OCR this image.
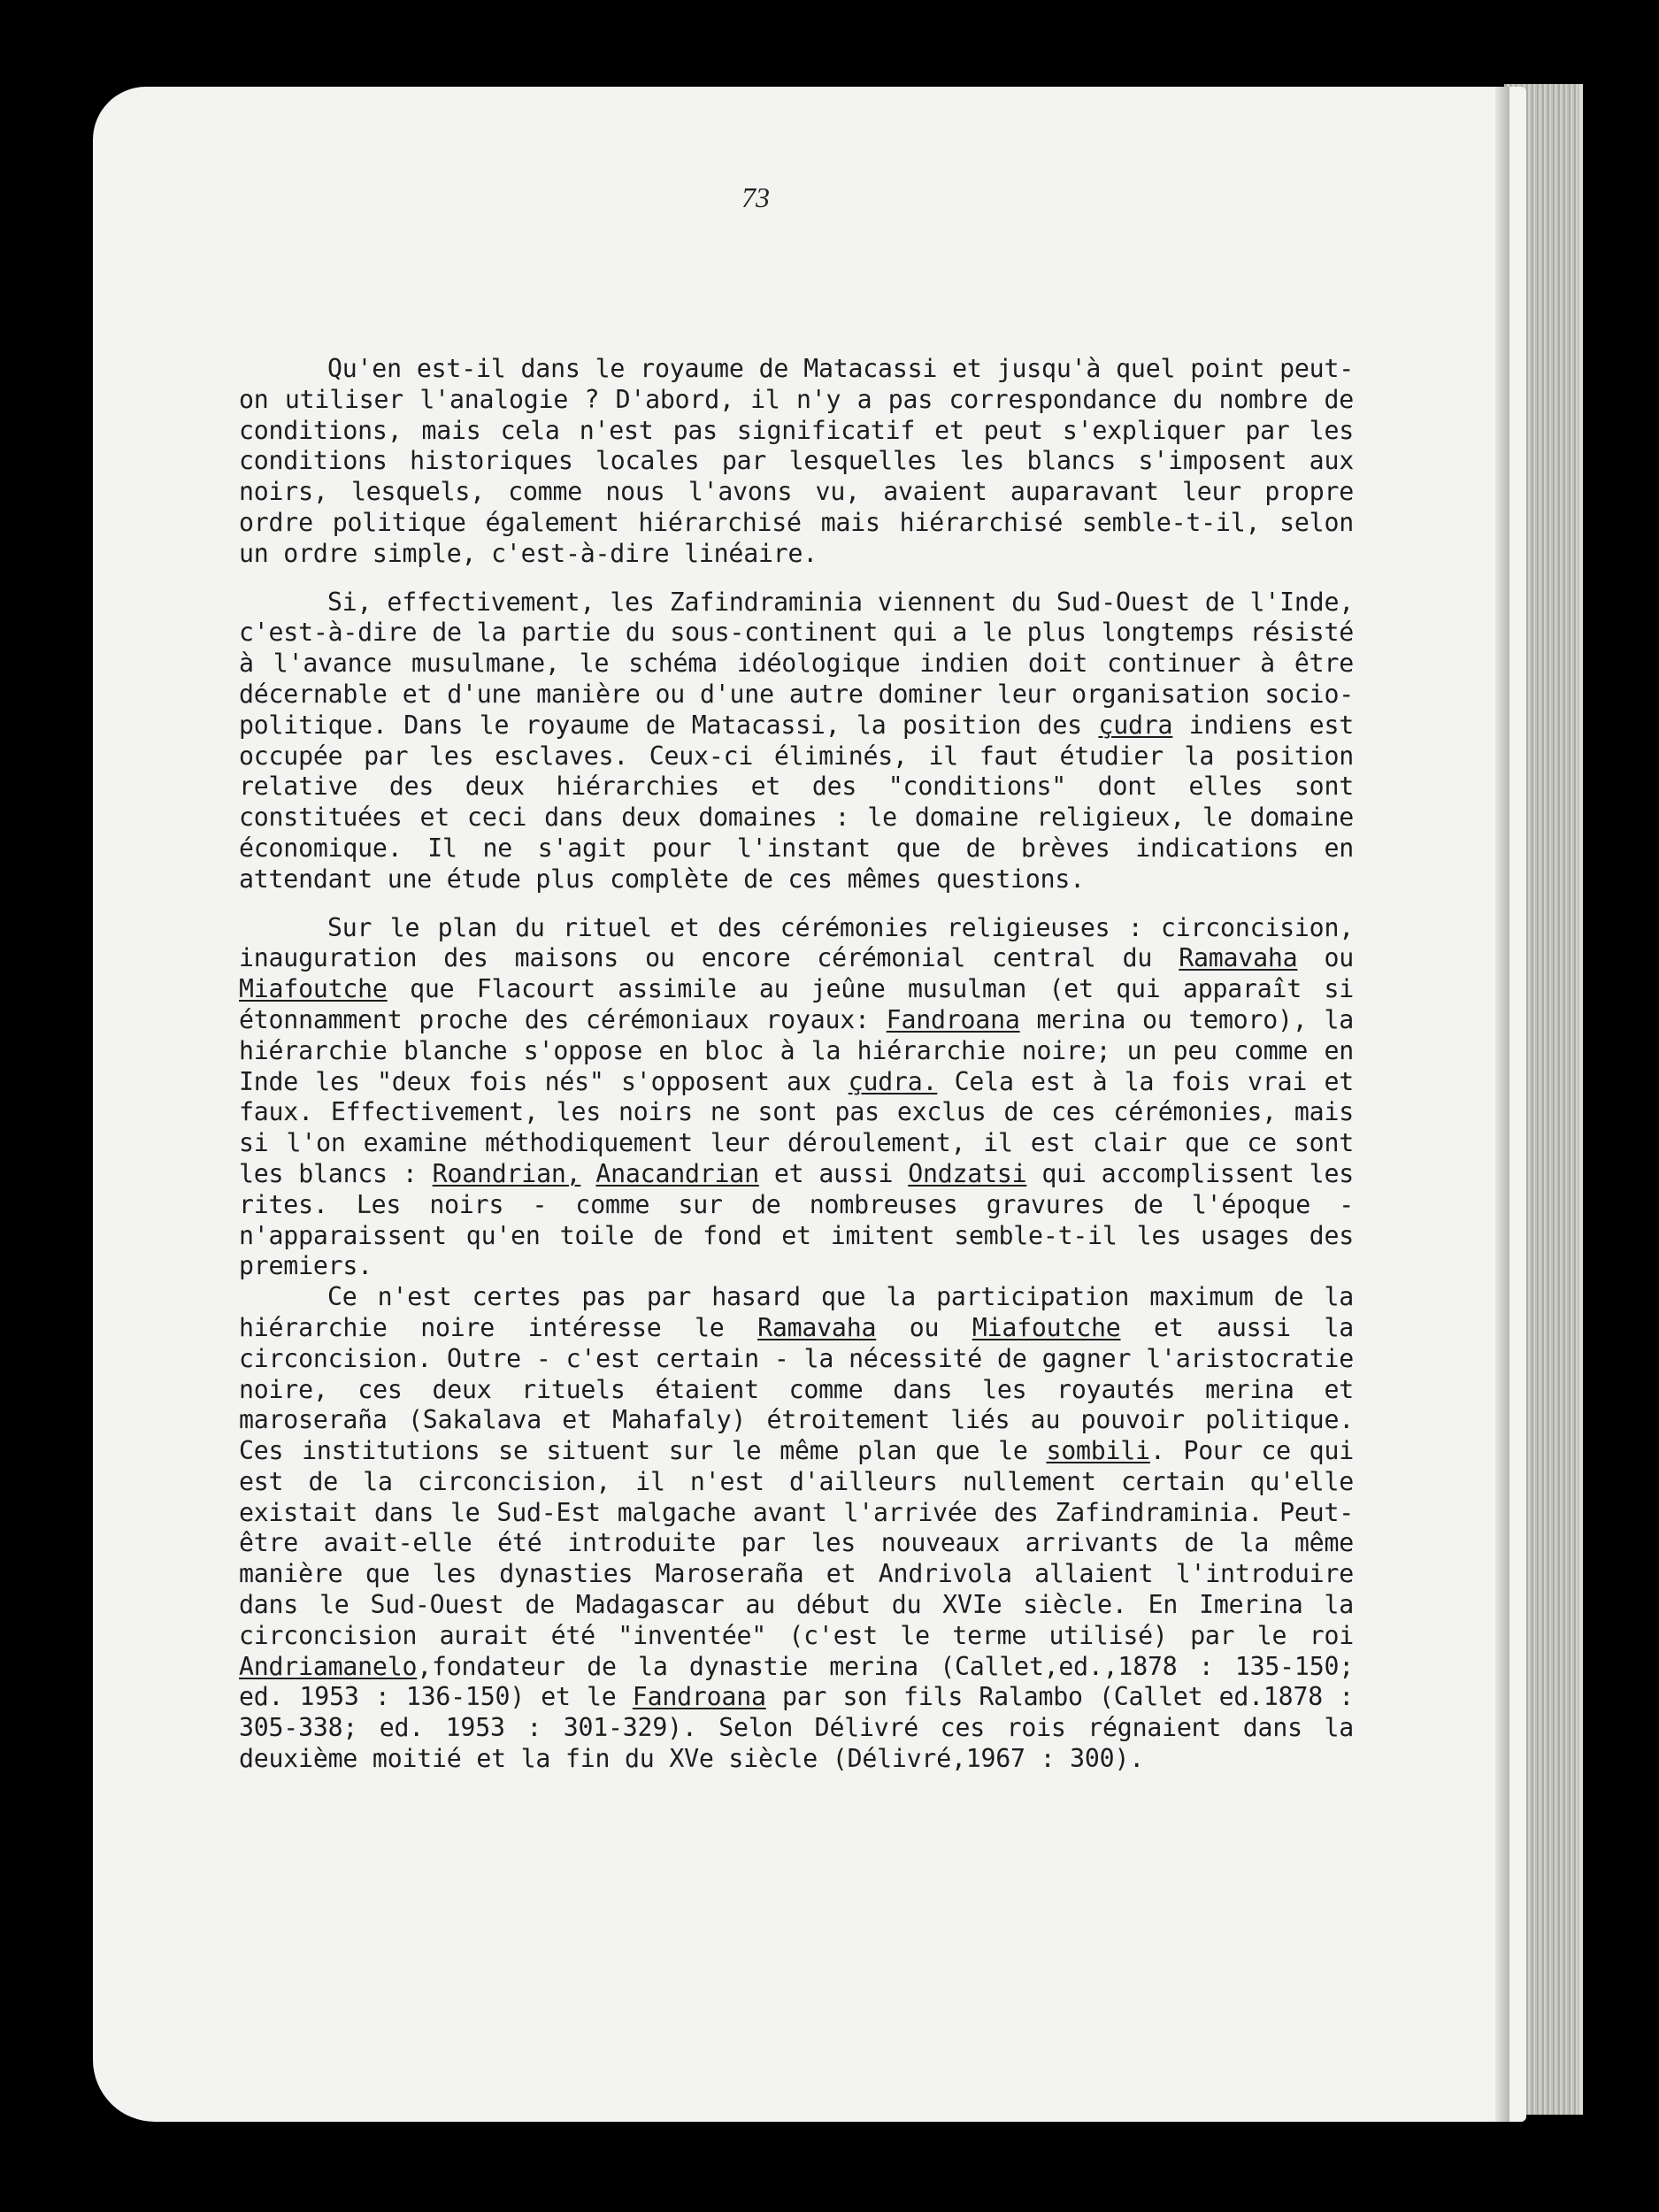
73

Qu'en est-il dans le royaume de Matacassi et jusqu'à quel point peut-on utiliser l'analogie ? D'abord, il n'y a pas correspondance du nombre de conditions, mais cela n'est pas significatif et peut s'expliquer par les conditions historiques locales par lesquelles les blancs s'imposent aux noirs, lesquels, comme nous l'avons vu, avaient auparavant leur propre ordre politique également hiérarchisé mais hiérarchisé semble-t-il, selon un ordre simple, c'est-à-dire linéaire.

Si, effectivement, les Zafindraminia viennent du Sud-Ouest de l'Inde, c'est-à-dire de la partie du sous-continent qui a le plus longtemps résisté à l'avance musulmane, le schéma idéologique indien doit continuer à être décernable et d'une manière ou d'une autre dominer leur organisation socio-politique. Dans le royaume de Matacassi, la position des çudra indiens est occupée par les esclaves. Ceux-ci éliminés, il faut étudier la position relative des deux hiérarchies et des "conditions" dont elles sont constituées et ceci dans deux domaines : le domaine religieux, le domaine économique. Il ne s'agit pour l'instant que de brèves indications en attendant une étude plus complète de ces mêmes questions.

Sur le plan du rituel et des cérémonies religieuses : circoncision, inauguration des maisons ou encore cérémonial central du Ramavaha ou Miafoutche que Flacourt assimile au jeûne musulman (et qui apparaît si étonnamment proche des cérémoniaux royaux: Fandroana merina ou temoro), la hiérarchie blanche s'oppose en bloc à la hiérarchie noire; un peu comme en Inde les "deux fois nés" s'opposent aux çudra. Cela est à la fois vrai et faux. Effectivement, les noirs ne sont pas exclus de ces cérémonies, mais si l'on examine méthodiquement leur déroulement, il est clair que ce sont les blancs : Roandrian, Anacandrian et aussi Ondzatsi qui accomplissent les rites. Les noirs - comme sur de nombreuses gravures de l'époque - n'apparaissent qu'en toile de fond et imitent semble-t-il les usages des premiers.

Ce n'est certes pas par hasard que la participation maximum de la hiérarchie noire intéresse le Ramavaha ou Miafoutche et aussi la circoncision. Outre - c'est certain - la nécessité de gagner l'aristocratie noire, ces deux rituels étaient comme dans les royautés merina et maroseraña (Sakalava et Mahafaly) étroitement liés au pouvoir politique. Ces institutions se situent sur le même plan que le sombili. Pour ce qui est de la circoncision, il n'est d'ailleurs nullement certain qu'elle existait dans le Sud-Est malgache avant l'arrivée des Zafindraminia. Peut-être avait-elle été introduite par les nouveaux arrivants de la même manière que les dynasties Maroseraña et Andrivola allaient l'introduire dans le Sud-Ouest de Madagascar au début du XVIe siècle. En Imerina la circoncision aurait été "inventée" (c'est le terme utilisé) par le roi Andriamanelo,fondateur de la dynastie merina (Callet,ed.,1878 : 135-150; ed. 1953 : 136-150) et le Fandroana par son fils Ralambo (Callet ed.1878 : 305-338; ed. 1953 : 301-329). Selon Délivré ces rois régnaient dans la deuxième moitié et la fin du XVe siècle (Délivré,1967 : 300).
